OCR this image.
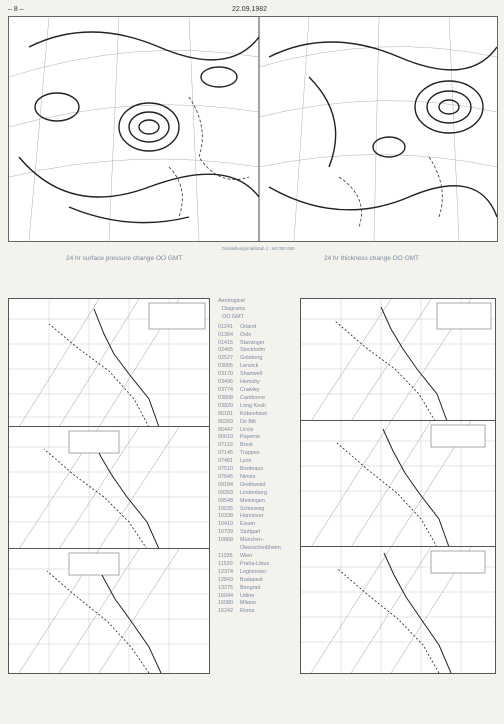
– 8 –	22.09.1982
24 hr surface pressure change OO GMT
Darstellungsmaßstab 1 : 60 000 000
24 hr thickness change OO GMT
Aerological
Diagrams
OO GMT
01241	Orland
01384	Oslo
01415	Stavanger
02465	Stockholm
02527	Goteborg
03005	Lerwick
03170	Shanwell
03496	Hemsby
03774	Crawley
03808	Camborne
03920	Long Kesh
06181	Kobenhavn
06260	De Bilt
06447	Uccle
06610	Payerne
07110	Brest
07145	Trappes
07481	Lyon
07510	Bordeaux
07645	Nimes
09184	Greifswald
09393	Lindenberg
09548	Meiningen
10035	Schleswig
10338	Hannover
10410	Essen
10739	Stuttgart
10868	München-
Oberschleißheim
11035	Wien
11520	Praha-Libus
12374	Legionowo
12843	Budapest
13275	Beograd
16044	Udine
16080	Milano
16242	Roma
